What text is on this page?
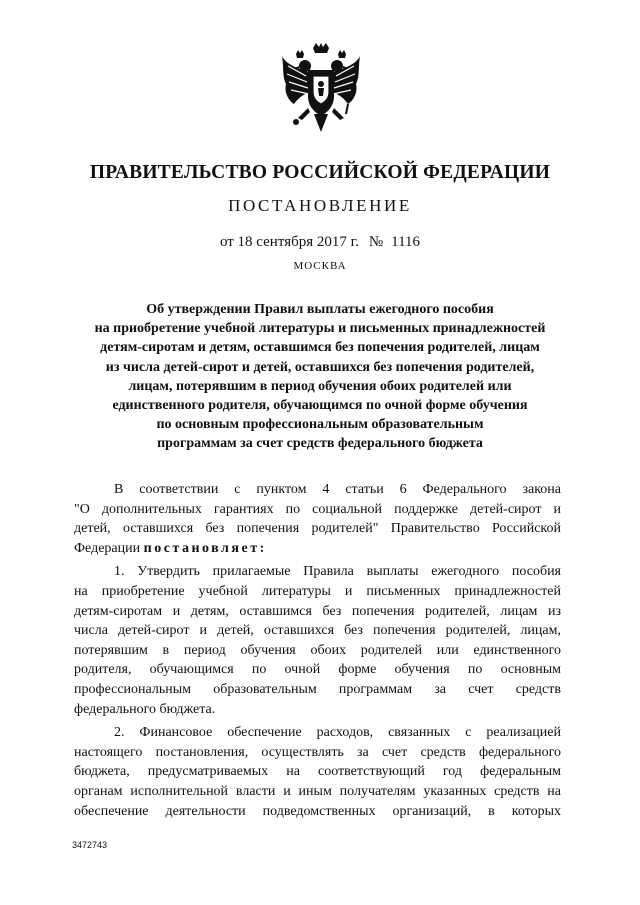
ПРАВИТЕЛЬСТВО РОССИЙСКОЙ ФЕДЕРАЦИИ
ПОСТАНОВЛЕНИЕ
от 18 сентября 2017 г. № 1116
МОСКВА
Об утверждении Правил выплаты ежегодного пособия
на приобретение учебной литературы и письменных принадлежностей
детям-сиротам и детям, оставшимся без попечения родителей, лицам
из числа детей-сирот и детей, оставшихся без попечения родителей,
лицам, потерявшим в период обучения обоих родителей или
единственного родителя, обучающимся по очной форме обучения
по основным профессиональным образовательным
программам за счет средств федерального бюджета

В соответствии с пунктом 4 статьи 6 Федерального закона
"О дополнительных гарантиях по социальной поддержке детей-сирот и
детей, оставшихся без попечения родителей" Правительство Российской
Федерации постановляет:

1. Утвердить прилагаемые Правила выплаты ежегодного пособия
на приобретение учебной литературы и письменных принадлежностей
детям-сиротам и детям, оставшимся без попечения родителей, лицам из
числа детей-сирот и детей, оставшихся без попечения родителей, лицам,
потерявшим в период обучения обоих родителей или единственного
родителя, обучающимся по очной форме обучения по основным
профессиональным образовательным программам за счет средств
федерального бюджета.

2. Финансовое обеспечение расходов, связанных с реализацией
настоящего постановления, осуществлять за счет средств федерального
бюджета, предусматриваемых на соответствующий год федеральным
органам исполнительной власти и иным получателям указанных средств на
обеспечение деятельности подведомственных организаций, в которых

3472743
